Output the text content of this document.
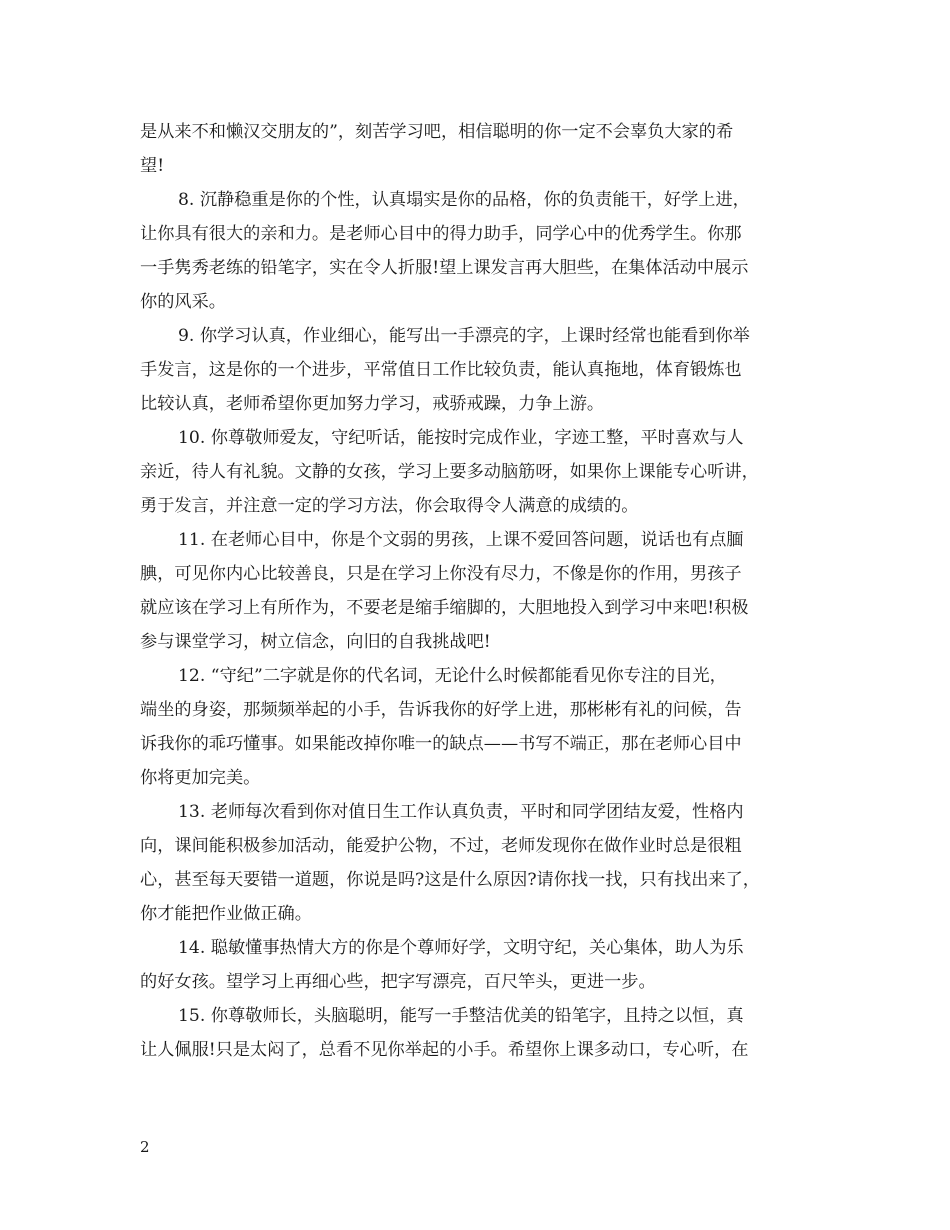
是从来不和懒汉交朋友的”，刻苦学习吧，相信聪明的你一定不会辜负大家的希
望!
8. 沉静稳重是你的个性，认真塌实是你的品格，你的负责能干，好学上进，
让你具有很大的亲和力。是老师心目中的得力助手，同学心中的优秀学生。你那
一手隽秀老练的铅笔字，实在令人折服!望上课发言再大胆些，在集体活动中展示
你的风采。
9. 你学习认真，作业细心，能写出一手漂亮的字，上课时经常也能看到你举
手发言，这是你的一个进步，平常值日工作比较负责，能认真拖地，体育锻炼也
比较认真，老师希望你更加努力学习，戒骄戒躁，力争上游。
10. 你尊敬师爱友，守纪听话，能按时完成作业，字迹工整，平时喜欢与人
亲近，待人有礼貌。文静的女孩，学习上要多动脑筋呀，如果你上课能专心听讲，
勇于发言，并注意一定的学习方法，你会取得令人满意的成绩的。
11. 在老师心目中，你是个文弱的男孩，上课不爱回答问题，说话也有点腼
腆，可见你内心比较善良，只是在学习上你没有尽力，不像是你的作用，男孩子
就应该在学习上有所作为，不要老是缩手缩脚的，大胆地投入到学习中来吧!积极
参与课堂学习，树立信念，向旧的自我挑战吧!
12. “守纪”二字就是你的代名词，无论什么时候都能看见你专注的目光，
端坐的身姿，那频频举起的小手，告诉我你的好学上进，那彬彬有礼的问候，告
诉我你的乖巧懂事。如果能改掉你唯一的缺点——书写不端正，那在老师心目中
你将更加完美。
13. 老师每次看到你对值日生工作认真负责，平时和同学团结友爱，性格内
向，课间能积极参加活动，能爱护公物，不过，老师发现你在做作业时总是很粗
心，甚至每天要错一道题，你说是吗?这是什么原因?请你找一找，只有找出来了，
你才能把作业做正确。
14. 聪敏懂事热情大方的你是个尊师好学，文明守纪，关心集体，助人为乐
的好女孩。望学习上再细心些，把字写漂亮，百尺竿头，更进一步。
15. 你尊敬师长，头脑聪明，能写一手整洁优美的铅笔字，且持之以恒，真
让人佩服!只是太闷了，总看不见你举起的小手。希望你上课多动口，专心听，在
2
